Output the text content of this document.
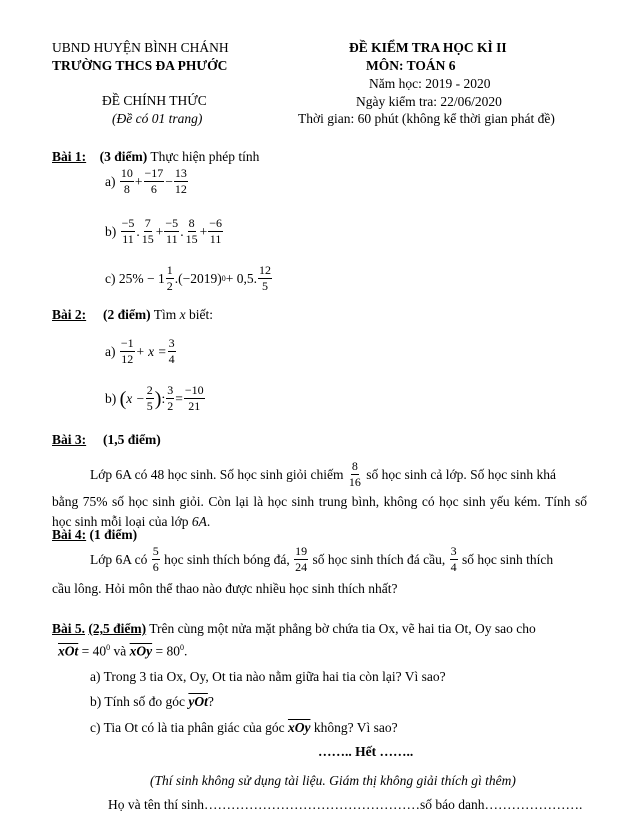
UBND HUYỆN BÌNH CHÁNH
TRƯỜNG THCS ĐA PHƯỚC
ĐỀ CHÍNH THỨC
(Đề có 01 trang)
ĐỀ KIỂM TRA HỌC KÌ II
MÔN: TOÁN 6
Năm học: 2019 - 2020
Ngày kiểm tra: 22/06/2020
Thời gian: 60 phút (không kể thời gian phát đề)
Bài 1: (3 điểm) Thực hiện phép tính
a)
$\frac{10}{8} + \frac{-17}{6} - \frac{13}{12}$
b)
$\frac{-5}{11}$ . $\frac{7}{15} + \frac{-5}{11}$ . $\frac{8}{15} + \frac{-6}{11}$
c)
$25\% - 1 \frac{1}{2} .(-2019) 0 + 0,5$. $\frac{12}{5}$
Bài 2: (2 điểm) Tìm x biết:
a)
$\frac{-1}{12} + x = \frac{3}{4}$
b)
( $x - \frac{2}{5}$ ) : $\frac{3}{2} = \frac{-10}{21}$
Bài 3: (1,5 điểm)
Lớp 6A có 48 học sinh. Số học sinh giỏi chiếm
$\frac{8}{16}$
số học sinh cả lớp. Số học sinh khá

bằng 75% số học sinh giỏi. Còn lại là học sinh trung bình, không có học sinh yếu kém. Tính số học sinh mỗi loại của lớp 6A.

Bài 4: (1 điểm)
Lớp 6A có
$\frac{5}{6}$
học sinh thích bóng đá,
$\frac{19}{24}$
số học sinh thích đá cầu,
$\frac{3}{4}$
số học sinh thích
cầu lông. Hỏi môn thể thao nào được nhiều học sinh thích nhất?
Bài 5. (2,5 điểm) Trên cùng một nửa mặt phẳng bờ chứa tia Ox, vẽ hai tia Ot, Oy sao cho
$\overline{xOt} = 40^0$ và $\overline{xOy} = 80^0$.
a) Trong 3 tia Ox, Oy, Ot tia nào nằm giữa hai tia còn lại? Vì sao?
b) Tính số đo góc $\overline{yOt}$?
c) Tia Ot có là tia phân giác của góc $\overline{xOy}$ không? Vì sao?
…….. Hết ……..
(Thí sinh không sử dụng tài liệu. Giám thị không giải thích gì thêm)
Họ và tên thí sinh…………………………………………số báo danh………………….
